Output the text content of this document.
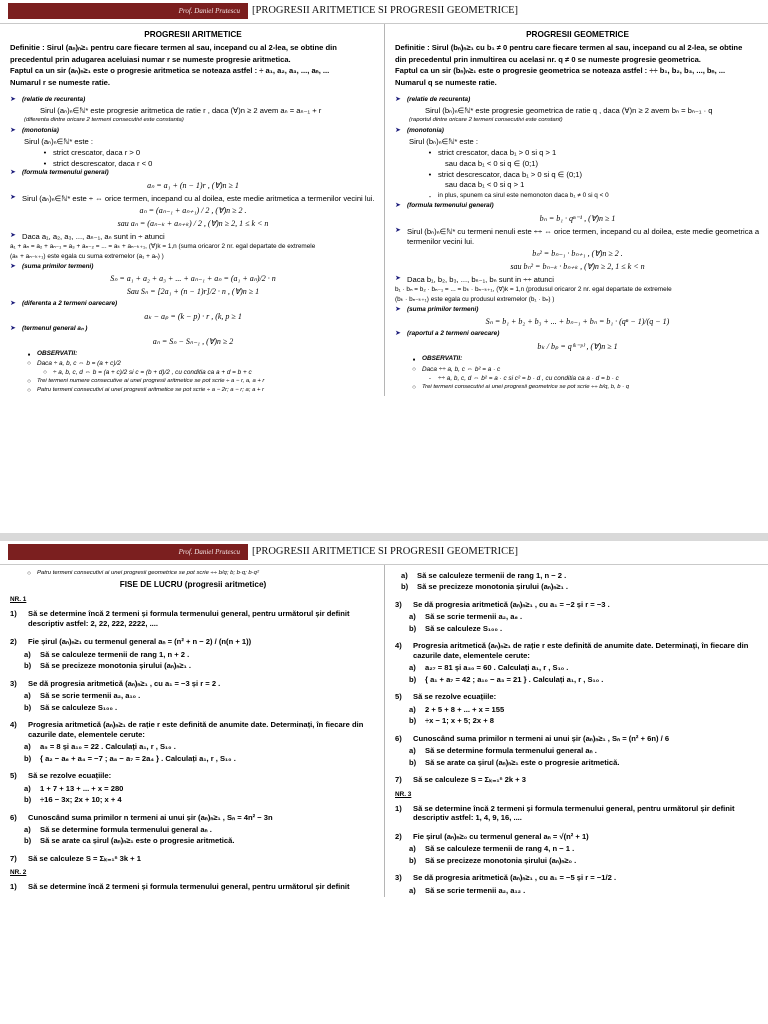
Prof. Daniel Prutescu [PROGRESII ARITMETICE SI PROGRESII GEOMETRICE]
PROGRESII ARITMETICE

Definitie : Sirul (aₙ)ₙ≥₁ pentru care fiecare termen al sau, incepand cu al 2-lea, se obtine din

precedentul prin adugarea aceluiasi numar r se numeste progresie aritmetica.

Faptul ca un sir (aₙ)ₙ≥₁ este o progresie aritmetica se noteaza astfel : ÷ a₁, a₂, a₃, ..., aₙ, ...

Numarul r se numeste ratie.

➤ (relatie de recurenta)

Sirul (aₙ)ₙ∈ℕ* este progresie aritmetica de ratie r , daca (∀)n ≥ 2 avem aₙ = aₙ₋₁ + r

(diferenta dintre oricare 2 termeni consecutivi este constanta)

➤ (monotonia)

Sirul (aₙ)ₙ∈ℕ* este :

• strict crescator, daca r > 0
• strict descrescator, daca r < 0
➤ (formula termenului general)
aₙ = a₁ + (n − 1)r , (∀)n ≥ 1
➤ Sirul (aₙ)ₙ∈ℕ* este ÷ ⇔ orice termen, incepand cu al doilea, este medie aritmetica a termenilor vecini lui.
aₙ = (aₙ₋₁ + aₙ₊₁) / 2 , (∀)n ≥ 2 .
sau aₙ = (aₙ₋ₖ + aₙ₊ₖ) / 2 , (∀)n ≥ 2, 1 ≤ k < n
➤ Daca a₁, a₂, a₃, ..., aₙ₋₁, aₙ sunt in ÷ atunci

a₁ + aₙ = a₂ + aₙ₋₁ = a₃ + aₙ₋₂ = ... = aₖ + aₙ₋ₖ₊₁, (∀)k = 1,n (suma oricaror 2 nr. egal departate de extremele

(aₖ + aₙ₋ₖ₊₁) este egala cu suma extremelor (a₁ + aₙ) )

➤ (suma primilor termeni)
Sₙ = a₁ + a₂ + a₃ + ... + aₙ₋₁ + aₙ = (a₁ + aₙ)/2 · n
Sau Sₙ = [2a₁ + (n − 1)r]/2 · n , (∀)n ≥ 1
➤ (diferenta a 2 termeni oarecare)
aₖ − aₚ = (k − p) · r , (k, p ≥ 1
➤ (termenul general aₙ )
aₙ = Sₙ − Sₙ₋₁ , (∀)n ≥ 2
▪	OBSERVATII:
○ Daca ÷ a, b, c ⇔ b = (a + c)/2
○ ÷ a, b, c, d ⇔ b = (a + c)/2 si c = (b + d)/2 , cu conditia ca a + d = b + c
○	Trei termeni numere consecutive ai unei progresii aritmetice se pot scrie ÷ a − r, a, a + r
○	Patru termeni consecutivi ai unei progresii aritmetice se pot scrie ÷ a − 2r; a − r; a; a + r
PROGRESII GEOMETRICE

Definitie : Sirul (bₙ)ₙ≥₁ cu b₁ ≠ 0 pentru care fiecare termen al sau, incepand cu al 2-lea, se obtine

din precedentul prin inmultirea cu acelasi nr. q ≠ 0 se numeste progresie geometrica.

Faptul ca un sir (bₙ)ₙ≥₁ este o progresie geometrica se noteaza astfel : ÷÷ b₁, b₂, b₃, ..., bₙ, ...

Numarul q se numeste ratie.

➤ (relatie de recurenta)

Sirul (bₙ)ₙ∈ℕ* este progresie geometrica de ratie q , daca (∀)n ≥ 2 avem bₙ = bₙ₋₁ · q

(raportul dintre oricare 2 termeni consecutivi este constant)

➤ (monotonia)

Sirul (bₙ)ₙ∈ℕ* este :

• strict crescator, daca b₁ > 0 si q > 1

sau daca b₁ < 0 si q ∈ (0;1)

• strict descrescator, daca b₁ > 0 si q ∈ (0;1)

sau daca b₁ < 0 si q > 1

-	in plus, spunem ca sirul este nemonoton daca b₁ ≠ 0 si q < 0
➤ (formula termenului general)
bₙ = b₁ · qⁿ⁻¹ , (∀)n ≥ 1
➤ Sirul (bₙ)ₙ∈ℕ* cu termeni nenuli este ÷÷ ⇔ orice termen, incepand cu al doilea, este medie geometrica a termenilor vecini lui.
bₙ² = bₙ₋₁ · bₙ₊₁ , (∀)n ≥ 2 .
sau bₙ² = bₙ₋ₖ · bₙ₊ₖ , (∀)n ≥ 2, 1 ≤ k < n
➤ Daca b₁, b₂, b₃, ..., bₙ₋₁, bₙ sunt in ÷÷ atunci

b₁ · bₙ = b₂ · bₙ₋₁ = ... = bₖ · bₙ₋ₖ₊₁, (∀)k = 1,n (produsul oricaror 2 nr. egal departate de extremele

(bₖ · bₙ₋ₖ₊₁) este egala cu produsul extremelor (b₁ · bₙ) )

➤ (suma primilor termeni)
Sₙ = b₁ + b₂ + b₃ + ... + bₙ₋₁ + bₙ = b₁ · (qⁿ − 1)/(q − 1)
➤ (raportul a 2 termeni oarecare)
bₖ / bₚ = q⁽ᵏ⁻ᵖ⁾ , (∀)n ≥ 1
▪	OBSERVATII:
○ Daca ÷÷ a, b, c ⇔ b² = a · c
-	÷÷ a, b, c, d ⇔ b² = a · c si c² = b · d , cu conditia ca a · d = b · c
○	Trei termeni consecutivi ai unei progresii geometrice se pot scrie ÷÷ b/q, b, b · q
Prof. Daniel Prutescu [PROGRESII ARITMETICE SI PROGRESII GEOMETRICE]
○	Patru termeni consecutivi ai unei progresii geometrice se pot scrie ÷÷ b/q; b; b·q; b·q²
FISE DE LUCRU (progresii aritmetice)
NR. 1
1)	Să se determine încă 2 termeni și formula termenului general, pentru următorul șir definit descriptiv astfel: 2, 22, 222, 2222, ....
2)	Fie șirul (aₙ)ₙ≥₁ cu termenul general aₙ = (n² + n − 2) / (n(n + 1))
a)	Să se calculeze termenii de rang 1, n + 2 .
b)	Să se precizeze monotonia șirului (aₙ)ₙ≥₁ .
3)	Se dă progresia aritmetică (aₙ)ₙ≥₁ , cu a₁ = −3 și r = 2 .
a)	Să se scrie termenii a₂, a₁₀ .
b)	Să se calculeze S₁₀₀ .
4)	Progresia aritmetică (aₙ)ₙ≥₁ de rație r este definită de anumite date. Determinați, în fiecare din cazurile date, elementele cerute:
a)	a₅ = 8 și a₁₀ = 22 . Calculați a₁, r , S₁₀ .
b)	{ a₂ − a₆ + a₄ = −7 ; a₈ − a₇ = 2a₄ } . Calculați a₁, r , S₁₀ .
5)	Să se rezolve ecuațiile:
a)	1 + 7 + 13 + ... + x = 280
b)	÷16 − 3x; 2x + 10; x + 4
6)	Cunoscând suma primilor n termeni ai unui șir (aₙ)ₙ≥₁ , Sₙ = 4n² − 3n
a)	Să se determine formula termenului general aₙ .
b)	Să se arate ca șirul (aₙ)ₙ≥₁ este o progresie aritmetică.
7)	Să se calculeze S = Σₖ₌₁ⁿ 3k + 1
NR. 2
1)	Să se determine încă 2 termeni și formula termenului general, pentru următorul șir definit
a)	Să se calculeze termenii de rang 1, n − 2 .
b)	Să se precizeze monotonia șirului (aₙ)ₙ≥₁ .
3)	Se dă progresia aritmetică (aₙ)ₙ≥₁ , cu a₁ = −2 și r = −3 .
a)	Să se scrie termenii a₂, a₆ .
b)	Să se calculeze S₁₀₀ .
4)	Progresia aritmetică (aₙ)ₙ≥₁ de rație r este definită de anumite date. Determinați, în fiecare din cazurile date, elementele cerute:
a)	a₂₇ = 81 și a₃₀ = 60 . Calculați a₁, r , S₁₀ .
b)	{ a₁ + a₇ = 42 ; a₁₀ − a₃ = 21 } . Calculați a₁, r , S₁₀ .
5)	Să se rezolve ecuațiile:
a)	2 + 5 + 8 + ... + x = 155
b)	÷x − 1; x + 5; 2x + 8
6)	Cunoscând suma primilor n termeni ai unui șir (aₙ)ₙ≥₁ , Sₙ = (n² + 6n) / 6
a)	Să se determine formula termenului general aₙ .
b)	Să se arate ca șirul (aₙ)ₙ≥₁ este o progresie aritmetică.
7)	Să se calculeze S = Σₖ₌₁ⁿ 2k + 3
NR. 3
1)	Să se determine încă 2 termeni și formula termenului general, pentru următorul șir definit descriptiv astfel: 1, 4, 9, 16, ....
2)	Fie șirul (aₙ)ₙ≥₀ cu termenul general aₙ = √(n² + 1)
a)	Să se calculeze termenii de rang 4, n − 1 .
b)	Să se precizeze monotonia șirului (aₙ)ₙ≥₀ .
3)	Se dă progresia aritmetică (aₙ)ₙ≥₁ , cu a₁ = −5 și r = −1/2 .
a)	Să se scrie termenii a₂, a₁₂ .
